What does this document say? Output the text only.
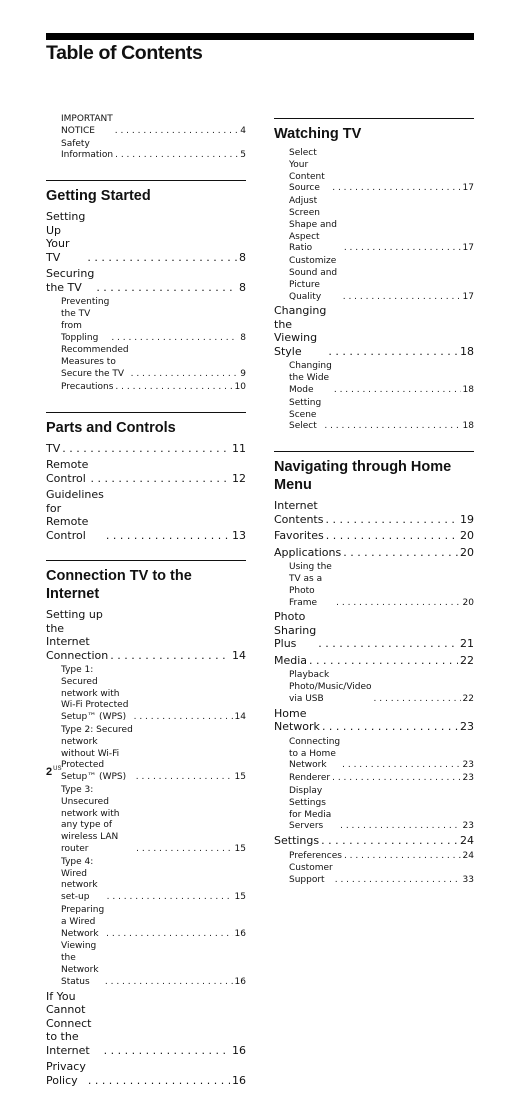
Table of Contents
IMPORTANT NOTICE . . .	4
Safety Information . . .	5
Getting Started
Setting Up Your TV . . .	8
Securing the TV . . .	8
Preventing the TV from Toppling . . .	8
Recommended Measures to Secure the TV . . .	9
Precautions . . .	10
Parts and Controls
TV . . .	11
Remote Control . . .	12
Guidelines for Remote Control . . .	13
Connection TV to the Internet
Setting up the Internet Connection . . .	14
Type 1: Secured network with Wi-Fi Protected Setup™ (WPS) . . .	14
Type 2: Secured network without Wi-Fi Protected Setup™ (WPS) . . .	15
Type 3: Unsecured network with any type of wireless LAN router . . .	15
Type 4: Wired network set-up . . .	15
Preparing a Wired Network . . .	16
Viewing the Network Status . . .	16
If You Cannot Connect to the Internet . . .	16
Privacy Policy . . .	16
Watching TV
Select Your Content Source . . .	17
Adjust Screen Shape and Aspect Ratio . . .	17
Customize Sound and Picture Quality . . .	17
Changing the Viewing Style . . .	18
Changing the Wide Mode . . .	18
Setting Scene Select . . .	18
Navigating through Home Menu
Internet Contents . . .	19
Favorites . . .	20
Applications . . .	20
Using the TV as a Photo Frame . . .	20
Photo Sharing Plus . . .	21
Media . . .	22
Playback Photo/Music/Video via USB . . .	22
Home Network . . .	23
Connecting to a Home Network . . .	23
Renderer . . .	23
Display Settings for Media Servers . . .	23
Settings . . .	24
Preferences . . .	24
Customer Support . . .	33
$2^{US}$
